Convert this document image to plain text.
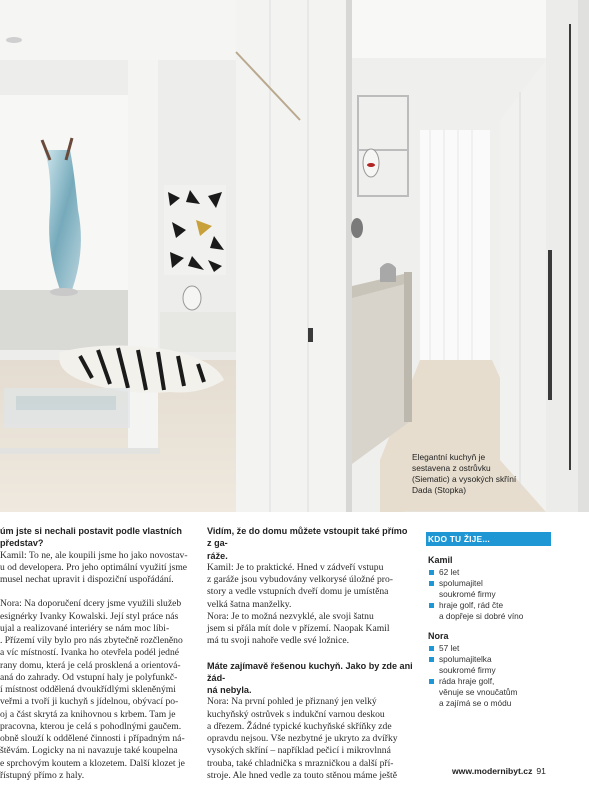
Elegantní kuchyň je
sestavena z ostrůvku
(Siematic) a vysokých skříní
Dada (Stopka)

úm jste si nechali postavit podle vlastních představ?
Kamil: To ne, ale koupili jsme ho jako novostav-
u od developera. Pro jeho optimální využití jsme
musel nechat upravit i dispoziční uspořádání.

Nora: Na doporučení dcery jsme využili služeb
esignérky Ivanky Kowalski. Její styl práce nás
ujal a realizované interiéry se nám moc líbi-
. Přízemí vily bylo pro nás zbytečně rozčleněno
a víc místností. Ivanka ho otevřela podél jedné
rany domu, která je celá prosklená a orientová-
aná do zahrady. Od vstupní haly je polyfunkč-
í místnost oddělená dvoukřídlými skleněnými
veřmi a tvoří ji kuchyň s jídelnou, obývací po-
oj a část skrytá za knihovnou s krbem. Tam je
pracovna, kterou je celá s pohodlnými gaučem.
obně slouží k oddělené činnosti i případným ná-
štěvám. Logicky na ni navazuje také koupelna
e sprchovým koutem a klozetem. Další klozet je
řístupný přímo z haly.

Vidím, že do domu můžete vstoupit také přímo z ga-
ráže.
Kamil: Je to praktické. Hned v zádveří vstupu
z garáže jsou vybudovány velkorysé úložné pro-
story a vedle vstupních dveří domu je umístěna
velká šatna manželky.
Nora: Je to možná nezvyklé, ale svoji šatnu
jsem si přála mít dole v přízemí. Naopak Kamil
má tu svoji nahoře vedle své ložnice.

Máte zajímavě řešenou kuchyň. Jako by zde ani žád-
ná nebyla.
Nora: Na první pohled je přiznaný jen velký
kuchyňský ostrůvek s indukční varnou deskou
a dřezem. Žádné typické kuchyňské skříňky zde
opravdu nejsou. Vše nezbytné je ukryto za dvířky
vysokých skříní – například pečicí i mikrovlnná
trouba, také chladnička s mrazničkou a další pří-
stroje. Ale hned vedle za touto stěnou máme ještě

KDO TU ŽIJE...
Kamil
62 let
spolumajitel
soukromé firmy
hraje golf, rád čte
a dopřeje si dobré víno
Nora
57 let
spolumajitelka
soukromé firmy
ráda hraje golf,
věnuje se vnoučatům
a zajímá se o módu
www.modernibyt.cz 91
